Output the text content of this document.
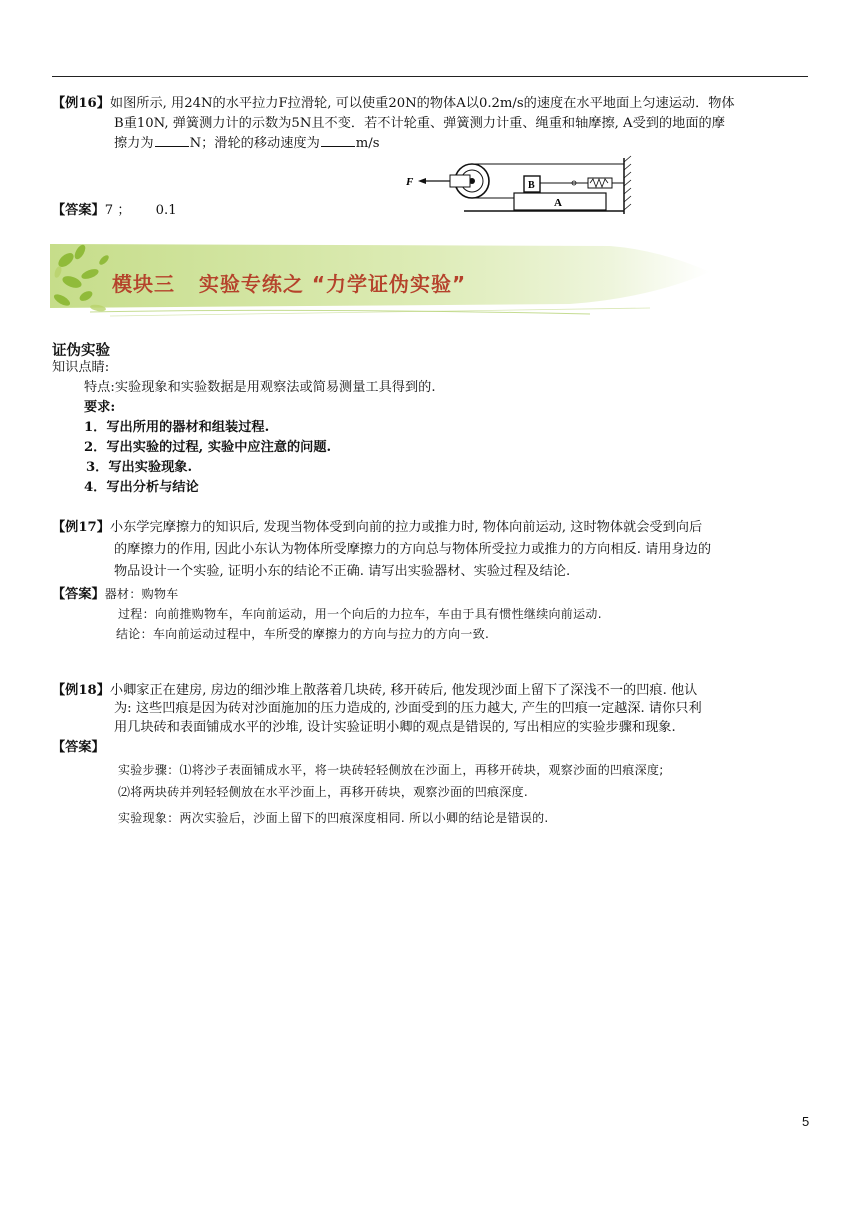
【例16】如图所示, 用24N的水平拉力F拉滑轮, 可以使重20N的物体A以0.2m/s的速度在水平地面上匀速运动．物体
B重10N, 弹簧测力计的示数为5N且不变．若不计轮重、弹簧测力计重、绳重和轴摩擦, A受到的地面的摩
擦力为	N；滑轮的移动速度为	m/s
A
B
F
【答案】7 ；      0.1
模块三   实验专练之 “力学证伪实验”
证伪实验
知识点睛:
特点:实验现象和实验数据是用观察法或简易测量工具得到的.
要求:
1．写出所用的器材和组装过程.
2．写出实验的过程, 实验中应注意的问题.
3．写出实验现象.
4．写出分析与结论
【例17】小东学完摩擦力的知识后, 发现当物体受到向前的拉力或推力时, 物体向前运动, 这时物体就会受到向后
的摩擦力的作用, 因此小东认为物体所受摩擦力的方向总与物体所受拉力或推力的方向相反. 请用身边的
物品设计一个实验, 证明小东的结论不正确. 请写出实验器材、实验过程及结论.
【答案】器材：购物车
过程：向前推购物车，车向前运动，用一个向后的力拉车，车由于具有惯性继续向前运动.
结论：车向前运动过程中，车所受的摩擦力的方向与拉力的方向一致.
【例18】小卿家正在建房, 房边的细沙堆上散落着几块砖, 移开砖后, 他发现沙面上留下了深浅不一的凹痕. 他认
为: 这些凹痕是因为砖对沙面施加的压力造成的, 沙面受到的压力越大, 产生的凹痕一定越深. 请你只利
用几块砖和表面铺成水平的沙堆, 设计实验证明小卿的观点是错误的, 写出相应的实验步骤和现象.
【答案】
实验步骤：⑴将沙子表面铺成水平，将一块砖轻轻侧放在沙面上，再移开砖块，观察沙面的凹痕深度;
⑵将两块砖并列轻轻侧放在水平沙面上，再移开砖块，观察沙面的凹痕深度.
实验现象：两次实验后，沙面上留下的凹痕深度相同. 所以小卿的结论是错误的.
5
